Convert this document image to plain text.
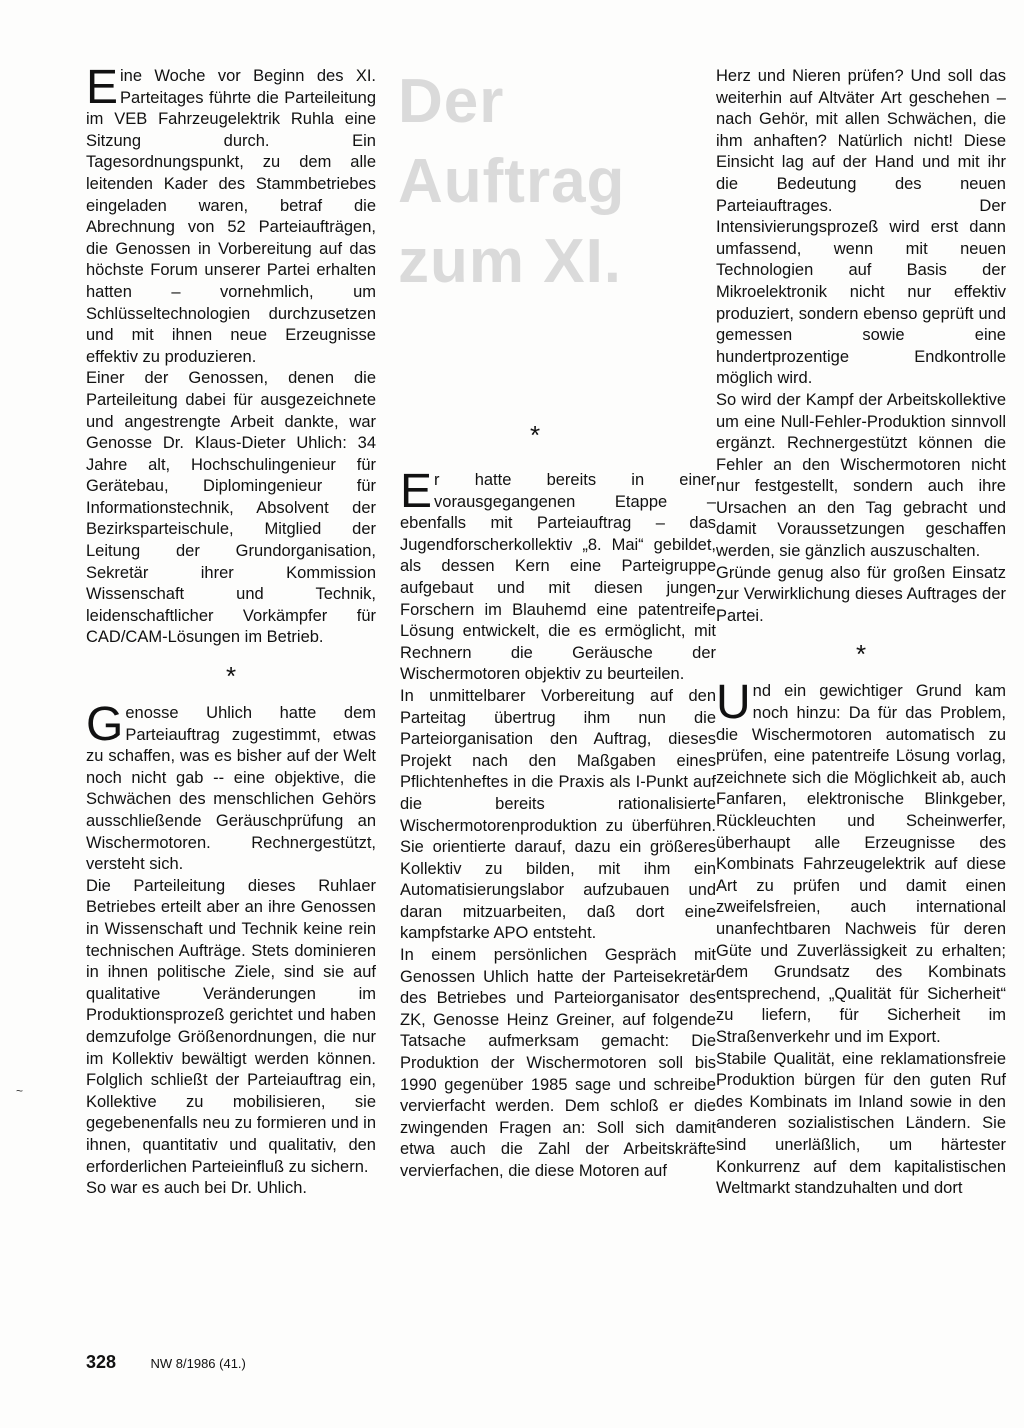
Der
Auftrag
zum XI.
*

Eine Woche vor Beginn des XI. Parteitages führte die Parteileitung im VEB Fahrzeugelektrik Ruhla eine Sitzung durch. Ein Tagesordnungspunkt, zu dem alle leitenden Kader des Stammbetriebes eingeladen waren, betraf die Abrechnung von 52 Parteiaufträgen, die Genossen in Vorbereitung auf das höchste Forum unserer Partei erhalten hatten – vornehmlich, um Schlüsseltechnologien durchzusetzen und mit ihnen neue Erzeugnisse effektiv zu produzieren.

Einer der Genossen, denen die Parteileitung dabei für ausgezeichnete und angestrengte Arbeit dankte, war Genosse Dr. Klaus-Dieter Uhlich: 34 Jahre alt, Hochschulingenieur für Gerätebau, Diplomingenieur für Informationstechnik, Absolvent der Bezirksparteischule, Mitglied der Leitung der Grundorganisation, Sekretär ihrer Kommission Wissenschaft und Technik, leidenschaftlicher Vorkämpfer für CAD/CAM-Lösungen im Betrieb.

*

Genosse Uhlich hatte dem Parteiauftrag zugestimmt, etwas zu schaffen, was es bisher auf der Welt noch nicht gab -- eine objektive, die Schwächen des menschlichen Gehörs ausschließende Geräuschprüfung an Wischermotoren. Rechnergestützt, versteht sich.

Die Parteileitung dieses Ruhlaer Betriebes erteilt aber an ihre Genossen in Wissenschaft und Technik keine rein technischen Aufträge. Stets dominieren in ihnen politische Ziele, sind sie auf qualitative Veränderungen im Produktionsprozeß gerichtet und haben demzufolge Größenordnungen, die nur im Kollektiv bewältigt werden können. Folglich schließt der Parteiauftrag ein, Kollektive zu mobilisieren, sie gegebenenfalls neu zu formieren und in ihnen, quantitativ und qualitativ, den erforderlichen Parteieinfluß zu sichern.

So war es auch bei Dr. Uhlich.

Er hatte bereits in einer vorausgegangenen Etappe – ebenfalls mit Parteiauftrag – das Jugendforscherkollektiv „8. Mai“ gebildet, als dessen Kern eine Parteigruppe aufgebaut und mit diesen jungen Forschern im Blauhemd eine patentreife Lösung entwickelt, die es ermöglicht, mit Rechnern die Geräusche der Wischermotoren objektiv zu beurteilen.

In unmittelbarer Vorbereitung auf den Parteitag übertrug ihm nun die Parteiorganisation den Auftrag, dieses Projekt nach den Maßgaben eines Pflichtenheftes in die Praxis als I-Punkt auf die bereits rationalisierte Wischermotorenproduktion zu überführen. Sie orientierte darauf, dazu ein größeres Kollektiv zu bilden, mit ihm ein Automatisierungslabor aufzubauen und daran mitzuarbeiten, daß dort eine kampfstarke APO entsteht.

In einem persönlichen Gespräch mit Genossen Uhlich hatte der Parteisekretär des Betriebes und Parteiorganisator des ZK, Genosse Heinz Greiner, auf folgende Tatsache aufmerksam gemacht: Die Produktion der Wischermotoren soll bis 1990 gegenüber 1985 sage und schreibe vervierfacht werden. Dem schloß er die zwingenden Fragen an: Soll sich damit etwa auch die Zahl der Arbeitskräfte vervierfachen, die diese Motoren auf

Herz und Nieren prüfen? Und soll das weiterhin auf Altväter Art geschehen – nach Gehör, mit allen Schwächen, die ihm anhaften? Natürlich nicht! Diese Einsicht lag auf der Hand und mit ihr die Bedeutung des neuen Parteiauftrages. Der Intensivierungsprozeß wird erst dann umfassend, wenn mit neuen Technologien auf Basis der Mikroelektronik nicht nur effektiv produziert, sondern ebenso geprüft und gemessen sowie eine hundertprozentige Endkontrolle möglich wird.

So wird der Kampf der Arbeitskollektive um eine Null-Fehler-Produktion sinnvoll ergänzt. Rechnergestützt können die Fehler an den Wischermotoren nicht nur festgestellt, sondern auch ihre Ursachen an den Tag gebracht und damit Voraussetzungen geschaffen werden, sie gänzlich auszuschalten.

Gründe genug also für großen Einsatz zur Verwirklichung dieses Auftrages der Partei.

*

Und ein gewichtiger Grund kam noch hinzu: Da für das Problem, die Wischermotoren automatisch zu prüfen, eine patentreife Lösung vorlag, zeichnete sich die Möglichkeit ab, auch Fanfaren, elektronische Blinkgeber, Rückleuchten und Scheinwerfer, überhaupt alle Erzeugnisse des Kombinats Fahrzeugelektrik auf diese Art zu prüfen und damit einen zweifelsfreien, auch international unanfechtbaren Nachweis für deren Güte und Zuverlässigkeit zu erhalten; dem Grundsatz des Kombinats entsprechend, „Qualität für Sicherheit“ zu liefern, für Sicherheit im Straßenverkehr und im Export.

Stabile Qualität, eine reklamationsfreie Produktion bürgen für den guten Ruf des Kombinats im Inland sowie in den anderen sozialistischen Ländern. Sie sind unerläßlich, um härtester Konkurrenz auf dem kapitalistischen Weltmarkt standzuhalten und dort

328	NW 8/1986 (41.)
~
